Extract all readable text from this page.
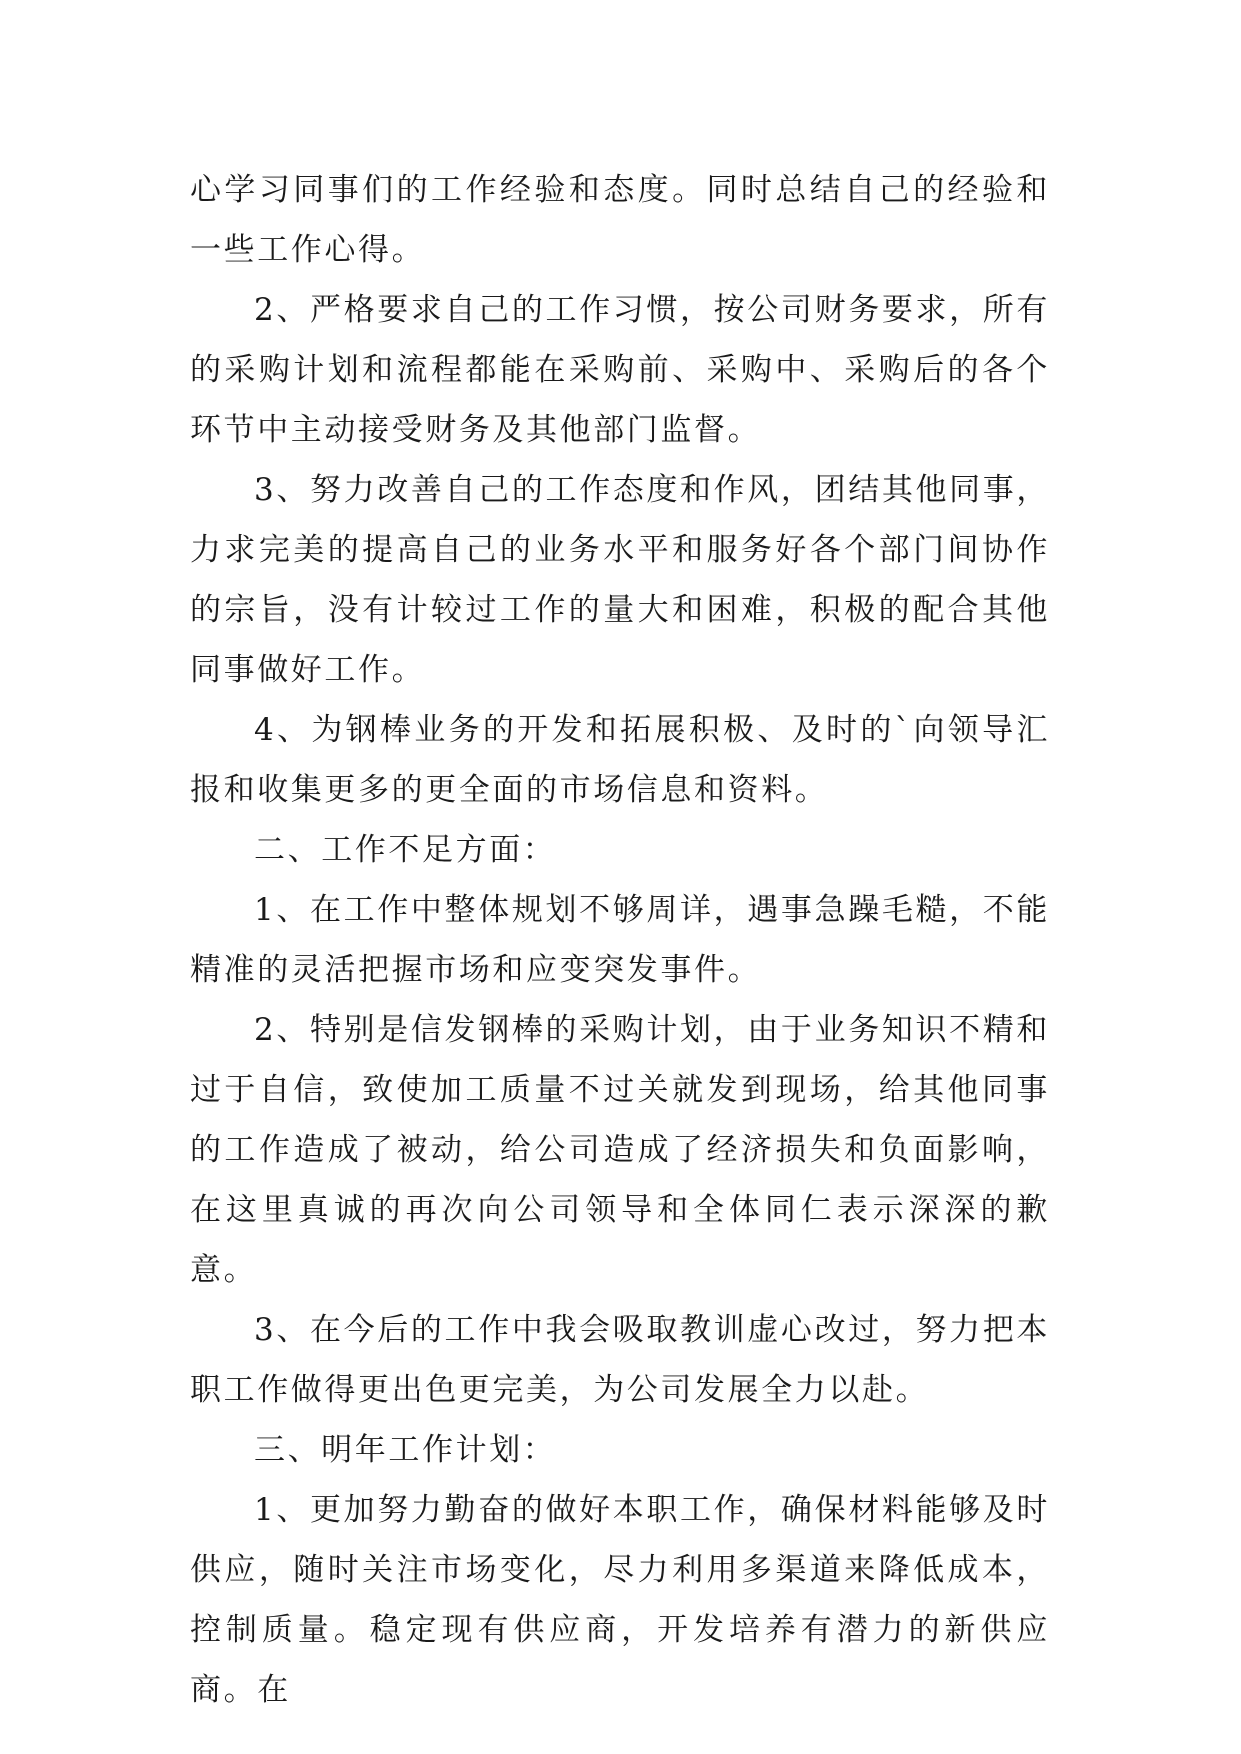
心学习同事们的工作经验和态度。同时总结自己的经验和一些工作心得。

2、严格要求自己的工作习惯，按公司财务要求，所有的采购计划和流程都能在采购前、采购中、采购后的各个环节中主动接受财务及其他部门监督。

3、努力改善自己的工作态度和作风，团结其他同事，力求完美的提高自己的业务水平和服务好各个部门间协作的宗旨，没有计较过工作的量大和困难，积极的配合其他同事做好工作。

4、为钢棒业务的开发和拓展积极、及时的`向领导汇报和收集更多的更全面的市场信息和资料。

二、工作不足方面：

1、在工作中整体规划不够周详，遇事急躁毛糙，不能精准的灵活把握市场和应变突发事件。

2、特别是信发钢棒的采购计划，由于业务知识不精和过于自信，致使加工质量不过关就发到现场，给其他同事的工作造成了被动，给公司造成了经济损失和负面影响，在这里真诚的再次向公司领导和全体同仁表示深深的歉意。

3、在今后的工作中我会吸取教训虚心改过，努力把本职工作做得更出色更完美，为公司发展全力以赴。

三、明年工作计划：

1、更加努力勤奋的做好本职工作，确保材料能够及时供应，随时关注市场变化，尽力利用多渠道来降低成本，控制质量。稳定现有供应商，开发培养有潜力的新供应商。在
